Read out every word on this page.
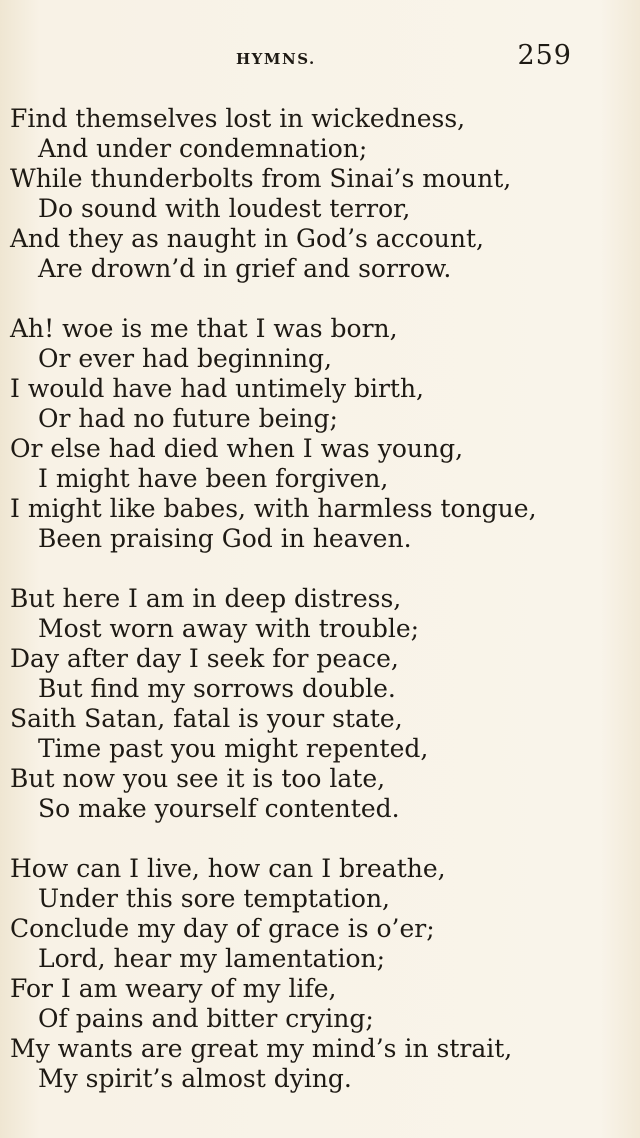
HYMNS.	259
Find themselves lost in wickedness,
And under condemnation;
While thunderbolts from Sinai’s mount,
Do sound with loudest terror,
And they as naught in God’s account,
Are drown’d in grief and sorrow.
Ah! woe is me that I was born,
Or ever had beginning,
I would have had untimely birth,
Or had no future being;
Or else had died when I was young,
I might have been forgiven,
I might like babes, with harmless tongue,
Been praising God in heaven.
But here I am in deep distress,
Most worn away with trouble;
Day after day I seek for peace,
But find my sorrows double.
Saith Satan, fatal is your state,
Time past you might repented,
But now you see it is too late,
So make yourself contented.
How can I live, how can I breathe,
Under this sore temptation,
Conclude my day of grace is o’er;
Lord, hear my lamentation;
For I am weary of my life,
Of pains and bitter crying;
My wants are great my mind’s in strait,
My spirit’s almost dying.
